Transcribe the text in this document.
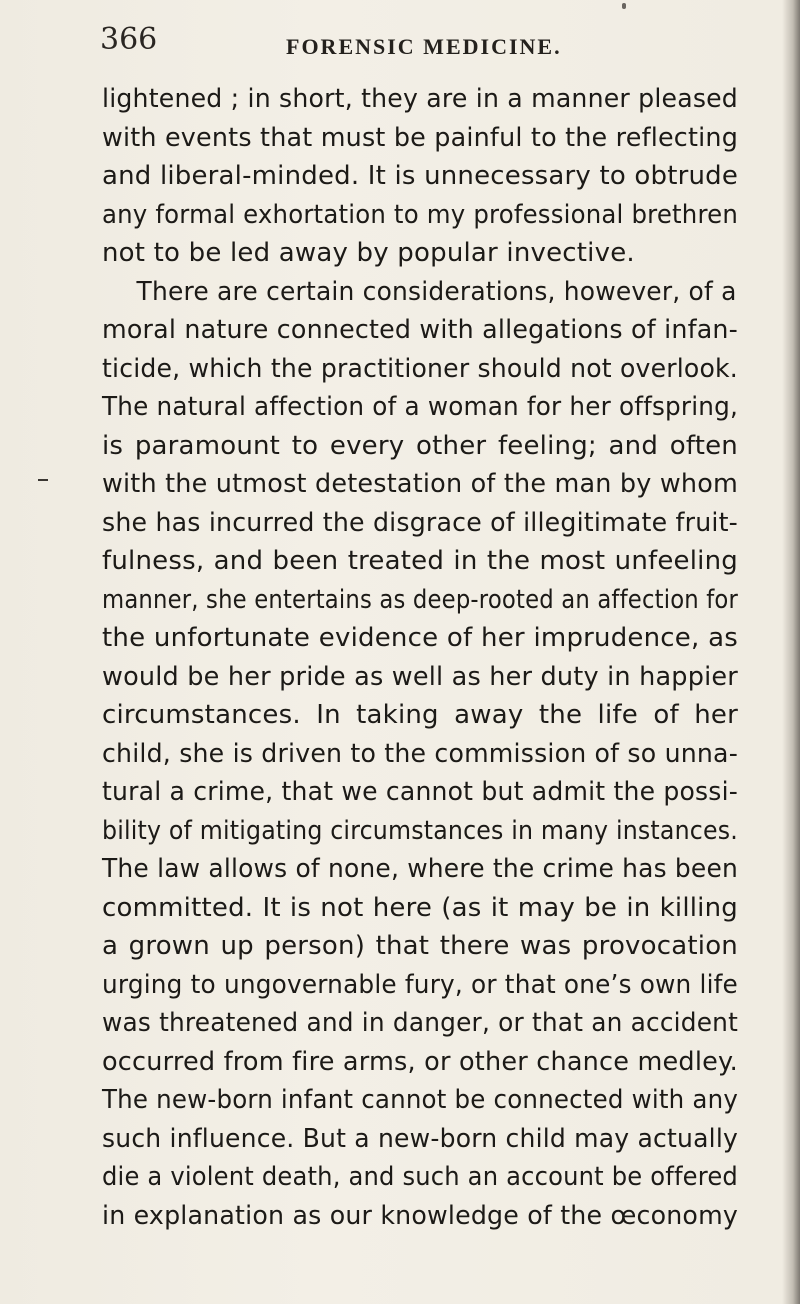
366	FORENSIC MEDICINE.
lightened ; in short, they are in a manner pleased
with events that must be painful to the reflecting
and liberal-minded. It is unnecessary to obtrude
any formal exhortation to my professional brethren
not to be led away by popular invective.
There are certain considerations, however, of a
moral nature connected with allegations of infan-
ticide, which the practitioner should not overlook.
The natural affection of a woman for her offspring,
is paramount to every other feeling; and often
with the utmost detestation of the man by whom
she has incurred the disgrace of illegitimate fruit-
fulness, and been treated in the most unfeeling
manner, she entertains as deep-rooted an affection for
the unfortunate evidence of her imprudence, as
would be her pride as well as her duty in happier
circumstances. In taking away the life of her
child, she is driven to the commission of so unna-
tural a crime, that we cannot but admit the possi-
bility of mitigating circumstances in many instances.
The law allows of none, where the crime has been
committed. It is not here (as it may be in killing
a grown up person) that there was provocation
urging to ungovernable fury, or that one’s own life
was threatened and in danger, or that an accident
occurred from fire arms, or other chance medley.
The new-born infant cannot be connected with any
such influence. But a new-born child may actually
die a violent death, and such an account be offered
in explanation as our knowledge of the œconomy
